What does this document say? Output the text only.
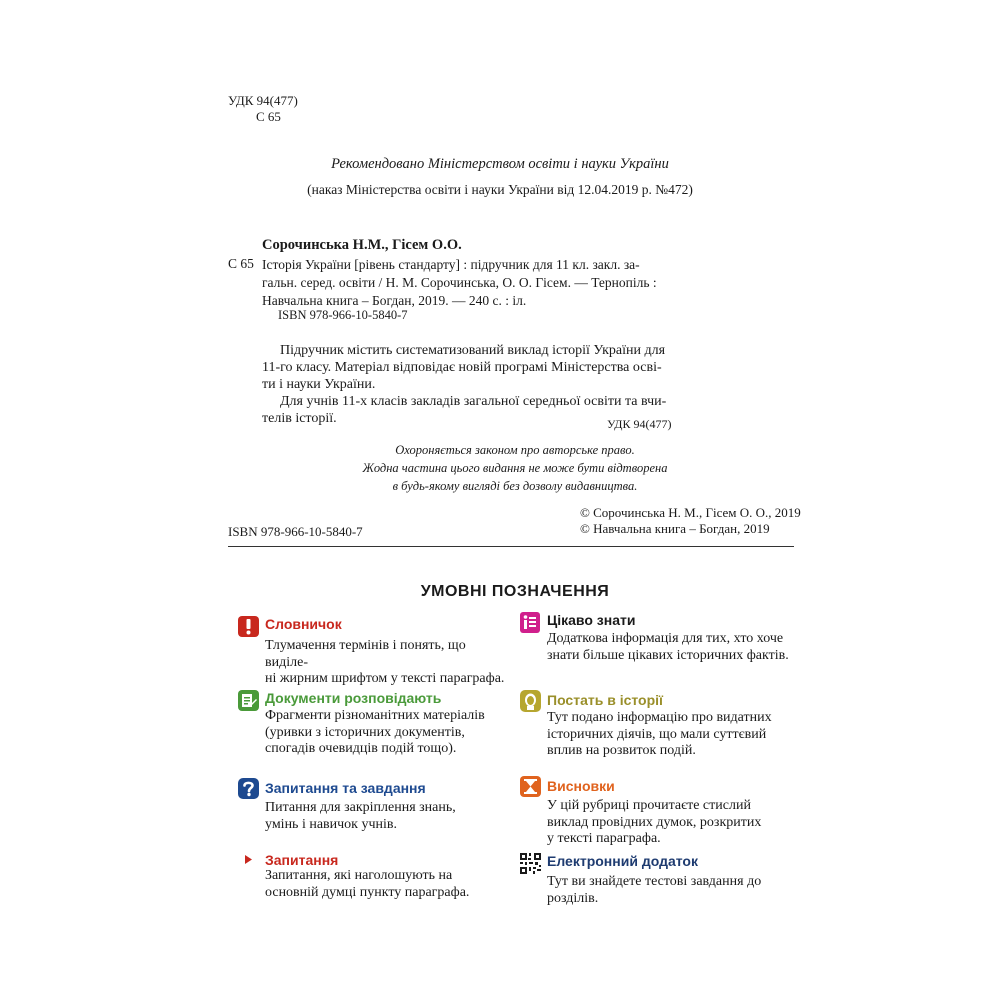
УДК 94(477)
С 65
Рекомендовано Міністерством освіти і науки України
(наказ Міністерства освіти і науки України від 12.04.2019 р. №472)
Сорочинська Н.М., Гісем О.О.
С 65 Історія України [рівень стандарту] : підручник для 11 кл. закл. за-

гальн. серед. освіти / Н. М. Сорочинська, О. О. Гісем. — Тернопіль :

Навчальна книга – Богдан, 2019. — 240 с. : іл.

ISBN 978-966-10-5840-7

Підручник містить систематизований виклад історії України для

11-го класу. Матеріал відповідає новій програмі Міністерства осві-

ти і науки України.

Для учнів 11-х класів закладів загальної середньої освіти та вчи-

телів історії.	УДК 94(477)
Охороняється законом про авторське право.
Жодна частина цього видання не може бути відтворена
в будь-якому вигляді без дозволу видавництва.
© Сорочинська Н. М., Гісем О. О., 2019
© Навчальна книга – Богдан, 2019
ISBN 978-966-10-5840-7
УМОВНІ ПОЗНАЧЕННЯ
Словничок
Тлумачення термінів і понять, що виділе-
ні жирним шрифтом у тексті параграфа.
Цікаво знати
Додаткова інформація для тих, хто хоче
знати більше цікавих історичних фактів.
Документи розповідають
Фрагменти різноманітних матеріалів
(уривки з історичних документів,
спогадів очевидців подій тощо).
Постать в історії
Тут подано інформацію про видатних
історичних діячів, що мали суттєвий
вплив на розвиток подій.
Запитання та завдання
Питання для закріплення знань,
умінь і навичок учнів.
Висновки
У цій рубриці прочитаєте стислий
виклад провідних думок, розкритих
у тексті параграфа.
Запитання
Запитання, які наголошують на
основній думці пункту параграфа.
Електронний додаток
Тут ви знайдете тестові завдання до
розділів.
